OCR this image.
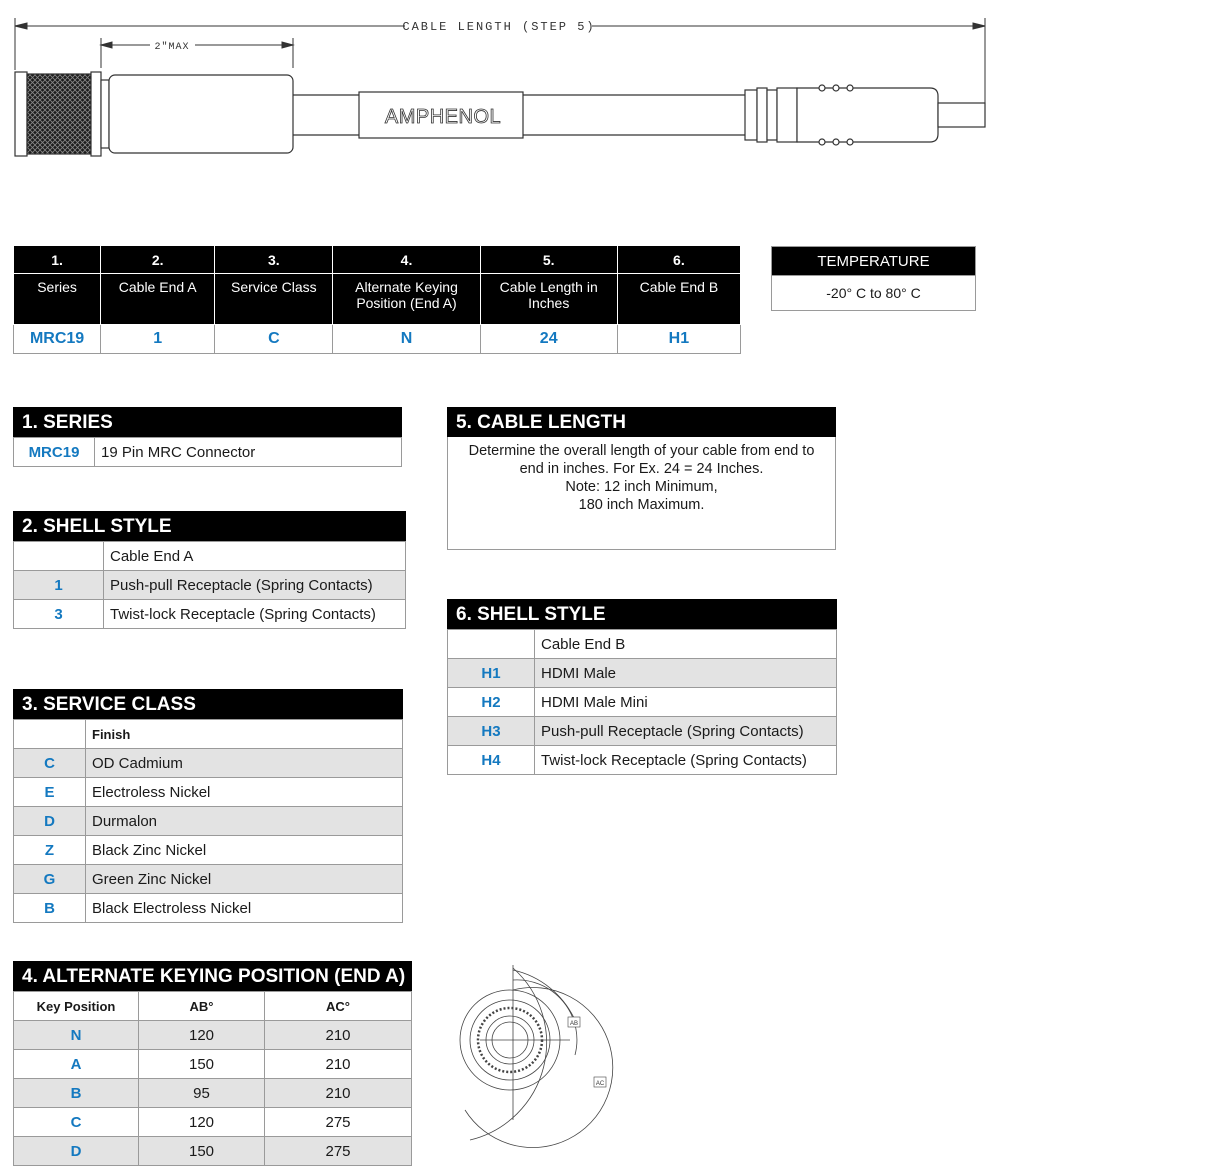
CABLE LENGTH (STEP 5)
2"MAX
AMPHENOL
1.	2.	3.	4.	5.	6.
Series	Cable End A	Service Class	Alternate Keying Position (End A)	Cable Length in Inches	Cable End B
MRC19	1	C	N	24	H1
TEMPERATURE
-20° C to 80° C
1. SERIES
MRC19	19 Pin MRC Connector
2. SHELL STYLE
	Cable End A
1	Push-pull Receptacle (Spring Contacts)
3	Twist-lock Receptacle (Spring Contacts)
3. SERVICE CLASS
	Finish
C	OD Cadmium
E	Electroless Nickel
D	Durmalon
Z	Black Zinc Nickel
G	Green Zinc Nickel
B	Black Electroless Nickel
4. ALTERNATE KEYING POSITION (END A)
Key Position	AB°	AC°
N	120	210
A	150	210
B	95	210
C	120	275
D	150	275
5. CABLE LENGTH
Determine the overall length of your cable from end to
end in inches. For Ex. 24 = 24 Inches.
Note: 12 inch Minimum,
180 inch Maximum.
6. SHELL STYLE
	Cable End B
H1	HDMI Male
H2	HDMI Male Mini
H3	Push-pull Receptacle (Spring Contacts)
H4	Twist-lock Receptacle (Spring Contacts)
AB
AC
